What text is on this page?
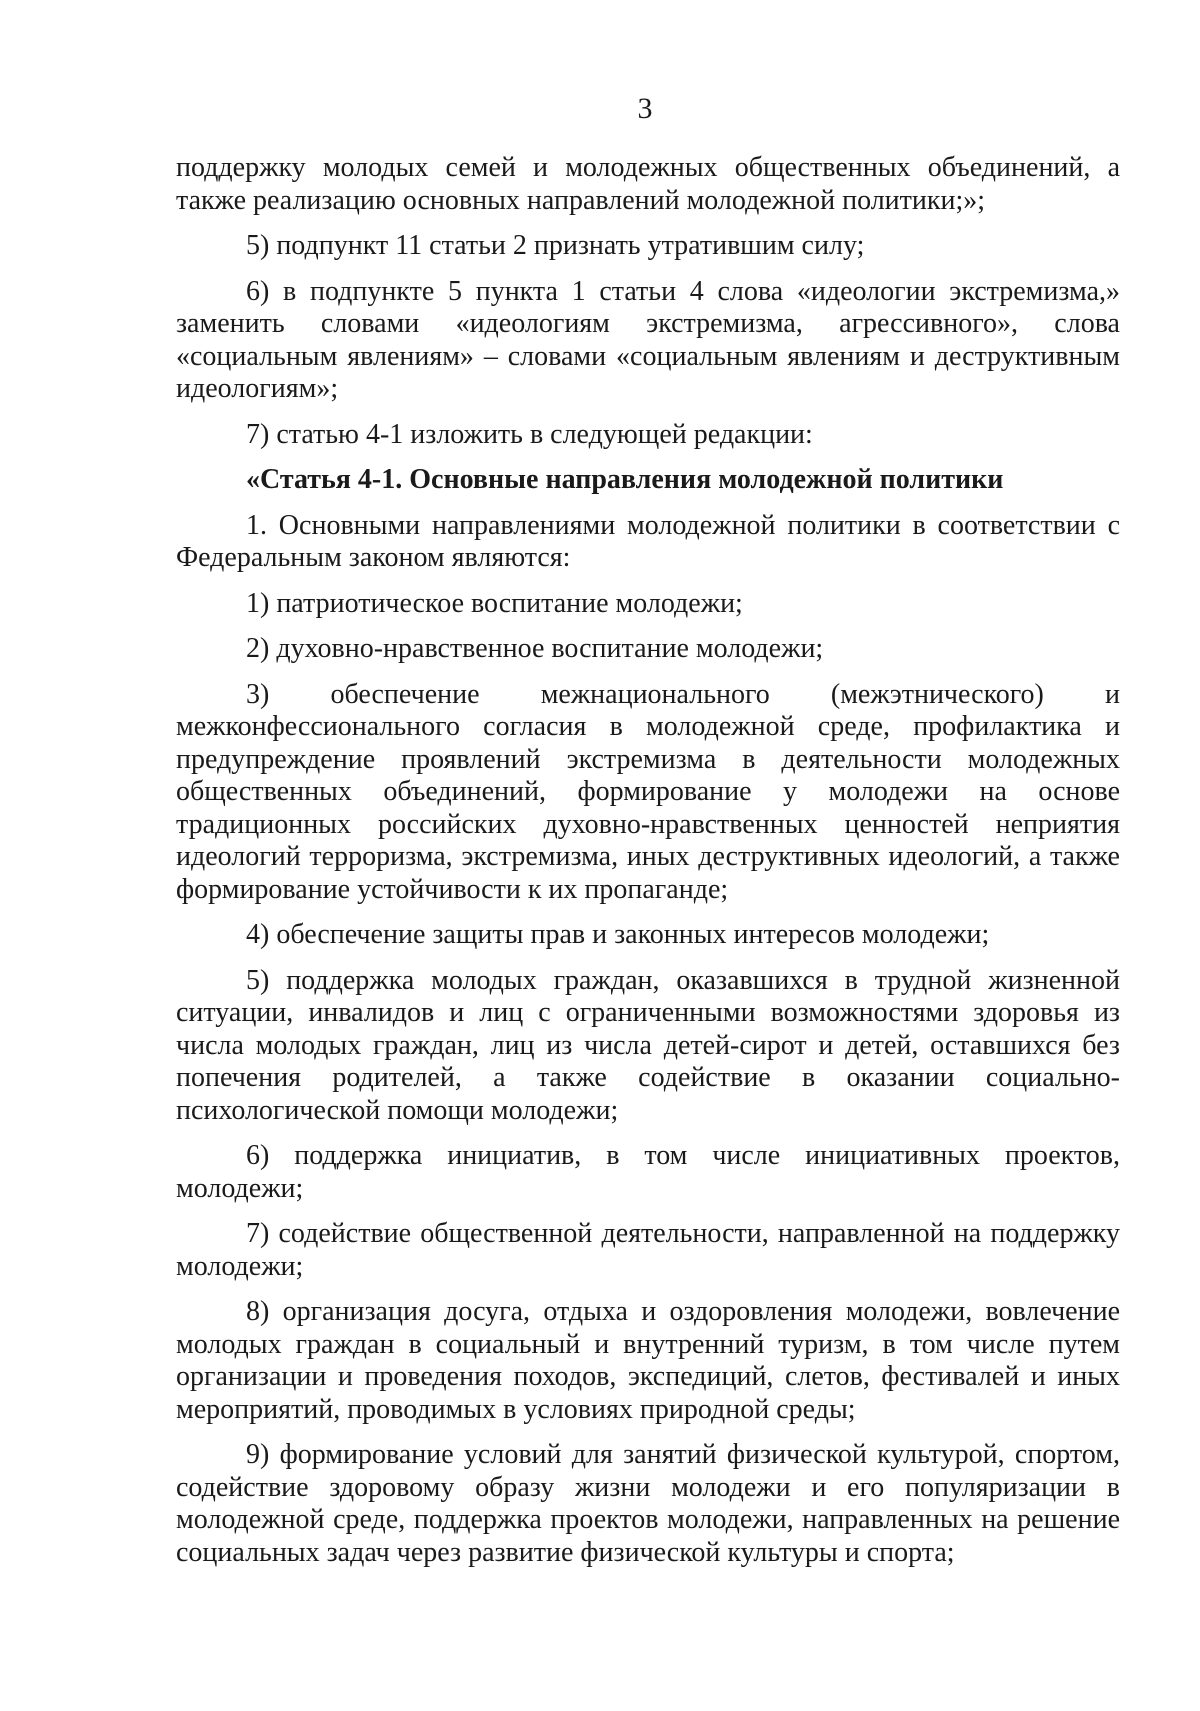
3

поддержку молодых семей и молодежных общественных объединений, а также реализацию основных направлений молодежной политики;»;

5) подпункт 11 статьи 2 признать утратившим силу;

6) в подпункте 5 пункта 1 статьи 4 слова «идеологии экстремизма,» заменить словами «идеологиям экстремизма, агрессивного», слова «социальным явлениям» – словами «социальным явлениям и деструктивным идеологиям»;

7) статью 4-1 изложить в следующей редакции:

«Статья 4-1. Основные направления молодежной политики

1. Основными направлениями молодежной политики в соответствии с Федеральным законом являются:

1) патриотическое воспитание молодежи;

2) духовно-нравственное воспитание молодежи;

3) обеспечение межнационального (межэтнического) и межконфессионального согласия в молодежной среде, профилактика и предупреждение проявлений экстремизма в деятельности молодежных общественных объединений, формирование у молодежи на основе традиционных российских духовно-нравственных ценностей неприятия идеологий терроризма, экстремизма, иных деструктивных идеологий, а также формирование устойчивости к их пропаганде;

4) обеспечение защиты прав и законных интересов молодежи;

5) поддержка молодых граждан, оказавшихся в трудной жизненной ситуации, инвалидов и лиц с ограниченными возможностями здоровья из числа молодых граждан, лиц из числа детей-сирот и детей, оставшихся без попечения родителей, а также содействие в оказании социально-психологической помощи молодежи;

6) поддержка инициатив, в том числе инициативных проектов, молодежи;

7) содействие общественной деятельности, направленной на поддержку молодежи;

8) организация досуга, отдыха и оздоровления молодежи, вовлечение молодых граждан в социальный и внутренний туризм, в том числе путем организации и проведения походов, экспедиций, слетов, фестивалей и иных мероприятий, проводимых в условиях природной среды;

9) формирование условий для занятий физической культурой, спортом, содействие здоровому образу жизни молодежи и его популяризации в молодежной среде, поддержка проектов молодежи, направленных на решение социальных задач через развитие физической культуры и спорта;
